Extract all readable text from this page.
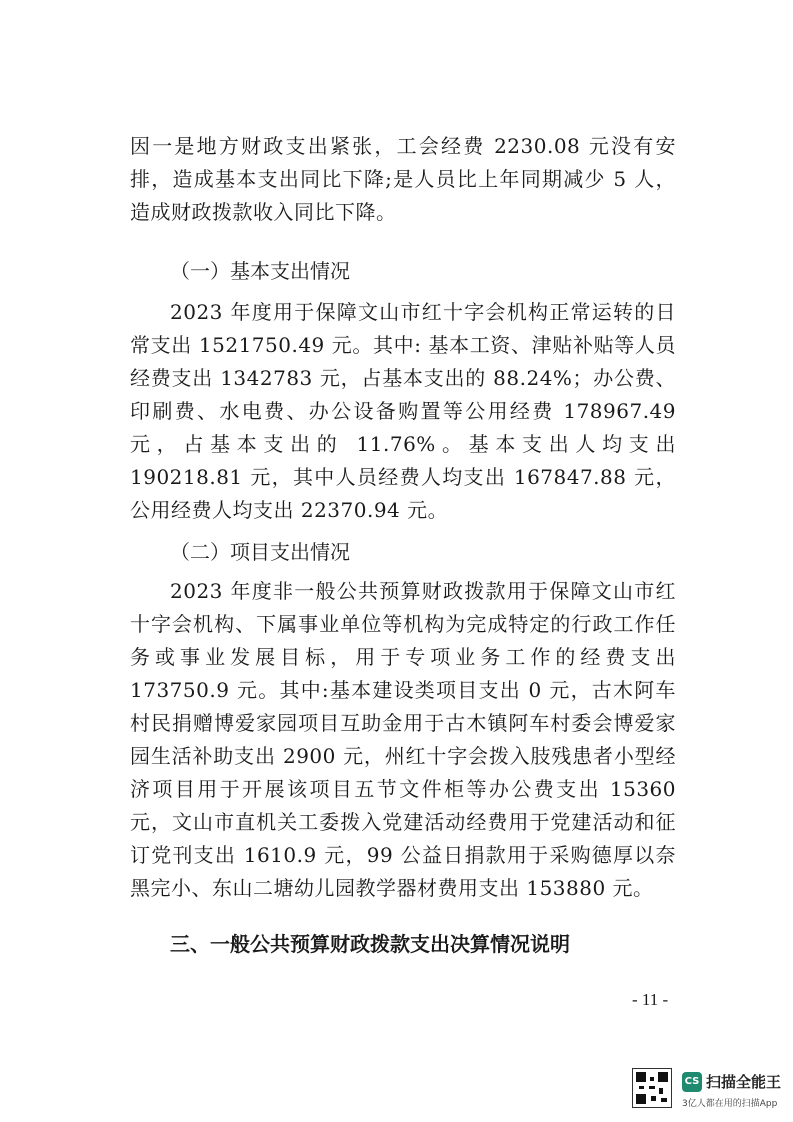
因一是地方财政支出紧张，工会经费 2230.08 元没有安排，造成基本支出同比下降;是人员比上年同期减少 5 人，造成财政拨款收入同比下降。

（一）基本支出情况

2023 年度用于保障文山市红十字会机构正常运转的日常支出 1521750.49 元。其中: 基本工资、津贴补贴等人员经费支出 1342783 元，占基本支出的 88.24%；办公费、印刷费、水电费、办公设备购置等公用经费 178967.49 元，占基本支出的 11.76%。基本支出人均支出 190218.81 元，其中人员经费人均支出 167847.88 元，公用经费人均支出 22370.94 元。

（二）项目支出情况

2023 年度非一般公共预算财政拨款用于保障文山市红十字会机构、下属事业单位等机构为完成特定的行政工作任务或事业发展目标，用于专项业务工作的经费支出 173750.9 元。其中:基本建设类项目支出 0 元，古木阿车村民捐赠博爱家园项目互助金用于古木镇阿车村委会博爱家园生活补助支出 2900 元，州红十字会拨入肢残患者小型经济项目用于开展该项目五节文件柜等办公费支出 15360 元，文山市直机关工委拨入党建活动经费用于党建活动和征订党刊支出 1610.9 元，99 公益日捐款用于采购德厚以奈黑完小、东山二塘幼儿园教学器材费用支出 153880 元。

三、一般公共预算财政拨款支出决算情况说明

- 11 -
CS 扫描全能王
3亿人都在用的扫描App
